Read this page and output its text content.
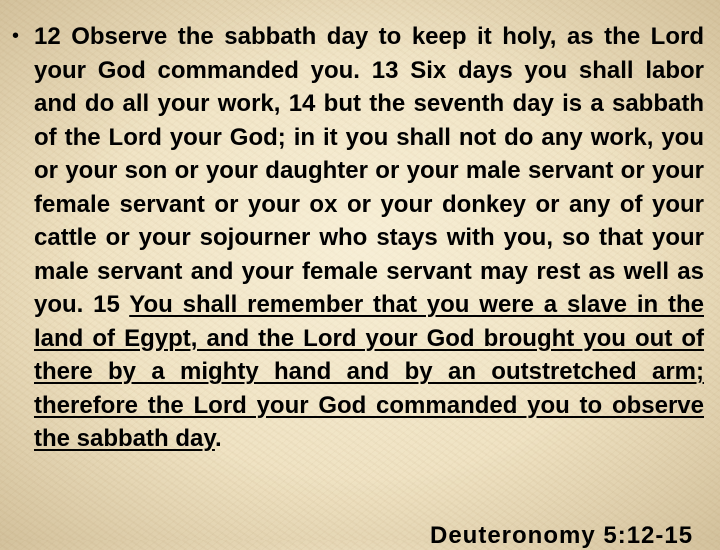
• 12 Observe the sabbath day to keep it holy, as the Lord your God commanded you. 13 Six days you shall labor and do all your work, 14 but the seventh day is a sabbath of the Lord your God; in it you shall not do any work, you or your son or your daughter or your male servant or your female servant or your ox or your donkey or any of your cattle or your sojourner who stays with you, so that your male servant and your female servant may rest as well as you. 15 You shall remember that you were a slave in the land of Egypt, and the Lord your God brought you out of there by a mighty hand and by an outstretched arm; therefore the Lord your God commanded you to observe the sabbath day.

Deuteronomy 5:12-15
